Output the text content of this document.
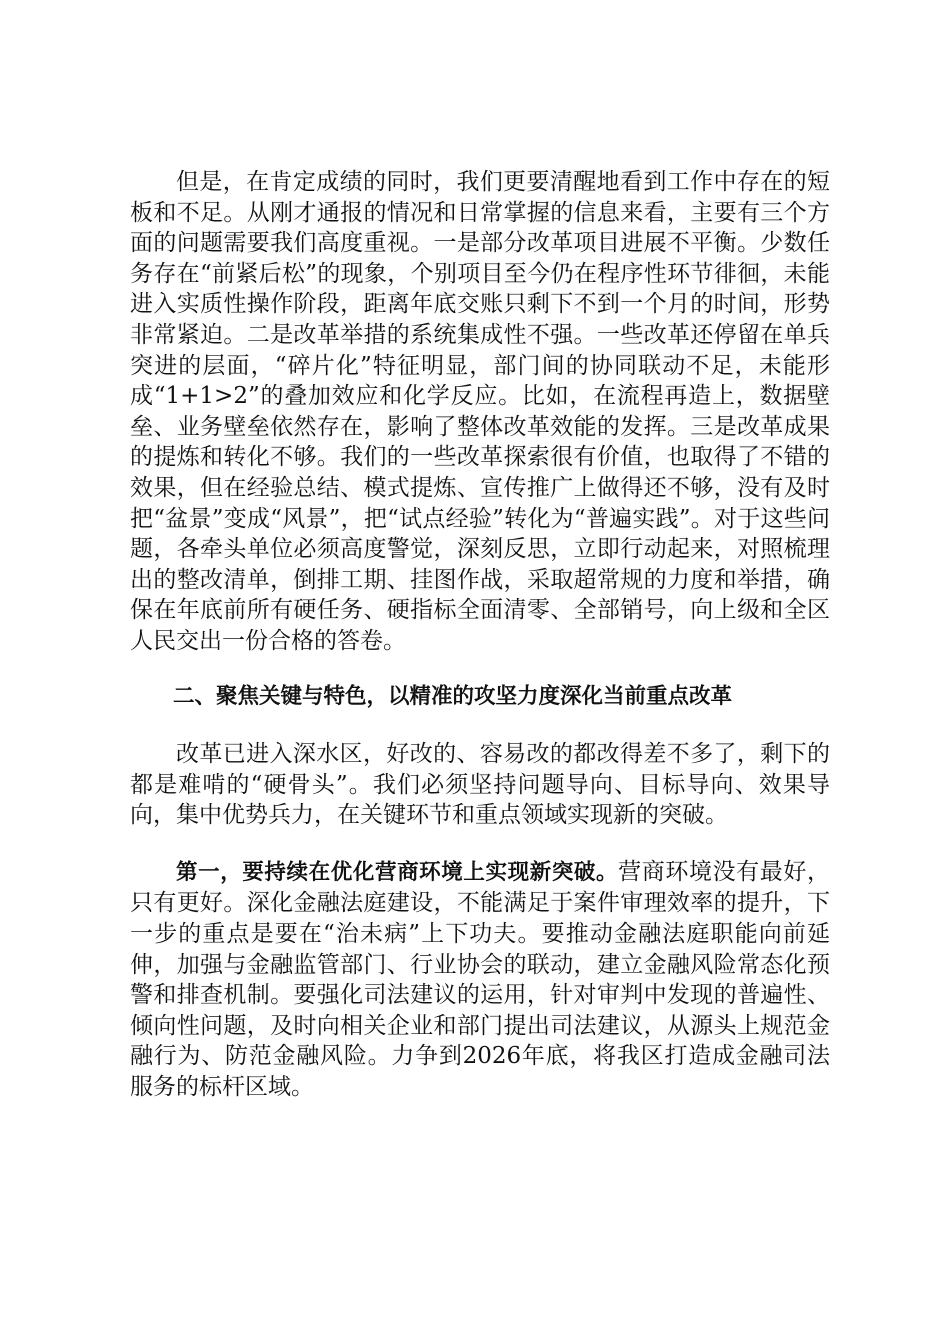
但是，在肯定成绩的同时，我们更要清醒地看到工作中存在的短板和不足。从刚才通报的情况和日常掌握的信息来看，主要有三个方面的问题需要我们高度重视。一是部分改革项目进展不平衡。少数任务存在“前紧后松”的现象，个别项目至今仍在程序性环节徘徊，未能进入实质性操作阶段，距离年底交账只剩下不到一个月的时间，形势非常紧迫。二是改革举措的系统集成性不强。一些改革还停留在单兵突进的层面，“碎片化”特征明显，部门间的协同联动不足，未能形成“1+1>2”的叠加效应和化学反应。比如，在流程再造上，数据壁垒、业务壁垒依然存在，影响了整体改革效能的发挥。三是改革成果的提炼和转化不够。我们的一些改革探索很有价值，也取得了不错的效果，但在经验总结、模式提炼、宣传推广上做得还不够，没有及时把“盆景”变成“风景”，把“试点经验”转化为“普遍实践”。对于这些问题，各牵头单位必须高度警觉，深刻反思，立即行动起来，对照梳理出的整改清单，倒排工期、挂图作战，采取超常规的力度和举措，确保在年底前所有硬任务、硬指标全面清零、全部销号，向上级和全区人民交出一份合格的答卷。

二、聚焦关键与特色，以精准的攻坚力度深化当前重点改革

改革已进入深水区，好改的、容易改的都改得差不多了，剩下的都是难啃的“硬骨头”。我们必须坚持问题导向、目标导向、效果导向，集中优势兵力，在关键环节和重点领域实现新的突破。

第一，要持续在优化营商环境上实现新突破。营商环境没有最好，只有更好。深化金融法庭建设，不能满足于案件审理效率的提升，下一步的重点是要在“治未病”上下功夫。要推动金融法庭职能向前延伸，加强与金融监管部门、行业协会的联动，建立金融风险常态化预警和排查机制。要强化司法建议的运用，针对审判中发现的普遍性、倾向性问题，及时向相关企业和部门提出司法建议，从源头上规范金融行为、防范金融风险。力争到2026年底，将我区打造成金融司法服务的标杆区域。
